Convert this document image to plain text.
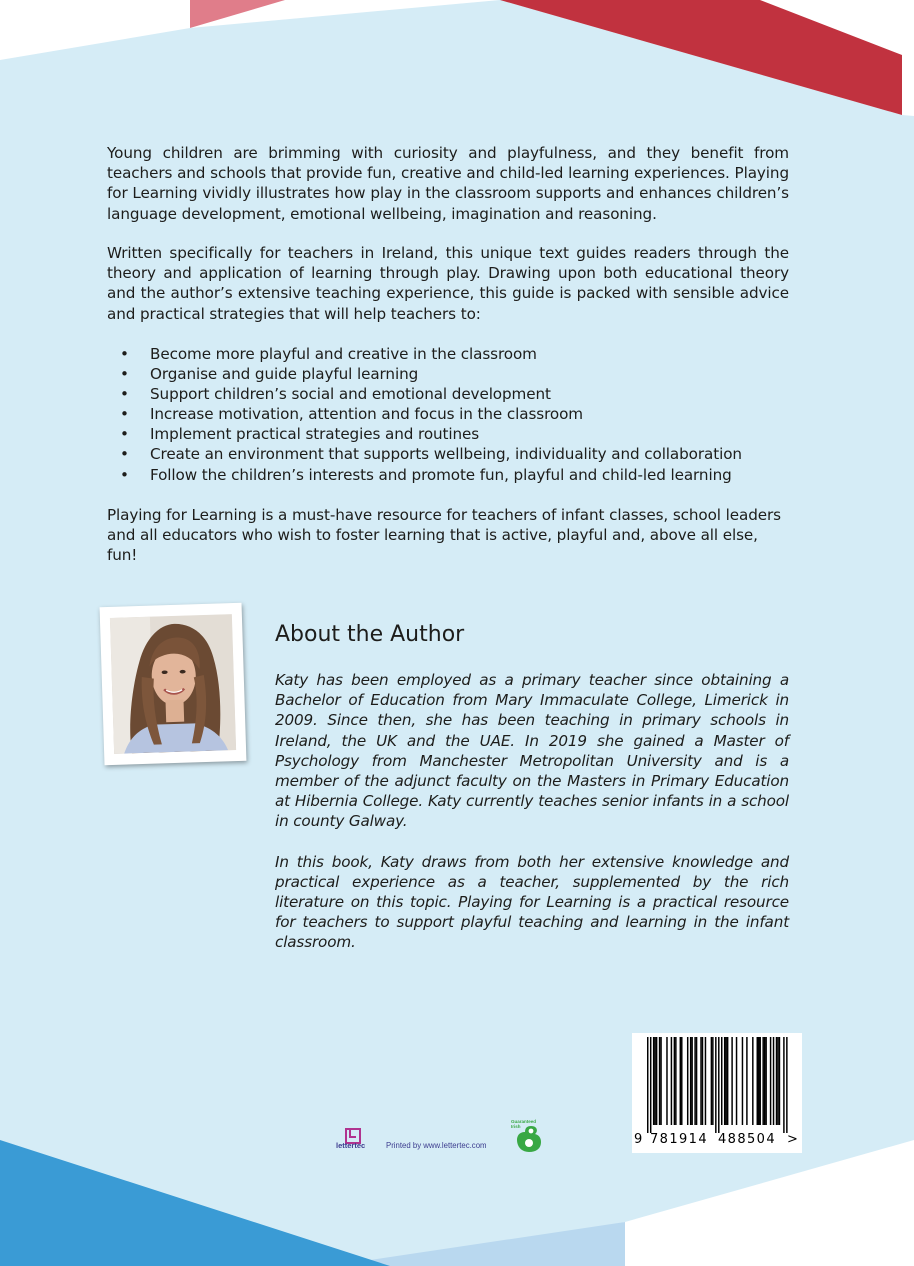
Young children are brimming with curiosity and playfulness, and they benefit from teachers and schools that provide fun, creative and child-led learning experiences. Playing for Learning vividly illustrates how play in the classroom supports and enhances children’s language development, emotional wellbeing, imagination and reasoning.

Written specifically for teachers in Ireland, this unique text guides readers through the theory and application of learning through play. Drawing upon both educational theory and the author’s extensive teaching experience, this guide is packed with sensible advice and practical strategies that will help teachers to:

• Become more playful and creative in the classroom
• Organise and guide playful learning
• Support children’s social and emotional development
• Increase motivation, attention and focus in the classroom
• Implement practical strategies and routines
• Create an environment that supports wellbeing, individuality and collaboration
• Follow the children’s interests and promote fun, playful and child-led learning

Playing for Learning is a must-have resource for teachers of infant classes, school leaders and all educators who wish to foster learning that is active, playful and, above all else, fun!

About the Author

Katy has been employed as a primary teacher since obtaining a Bachelor of Education from Mary Immaculate College, Limerick in 2009. Since then, she has been teaching in primary schools in Ireland, the UK and the UAE. In 2019 she gained a Master of Psychology from Manchester Metropolitan University and is a member of the adjunct faculty on the Masters in Primary Education at Hibernia College. Katy currently teaches senior infants in a school in county Galway.

In this book, Katy draws from both her extensive knowledge and practical experience as a teacher, supplemented by the rich literature on this topic. Playing for Learning is a practical resource for teachers to support playful teaching and learning in the infant classroom.

lettertec	Printed by www.lettertec.com
Guaranteed Irish
9 781914 488504 >
